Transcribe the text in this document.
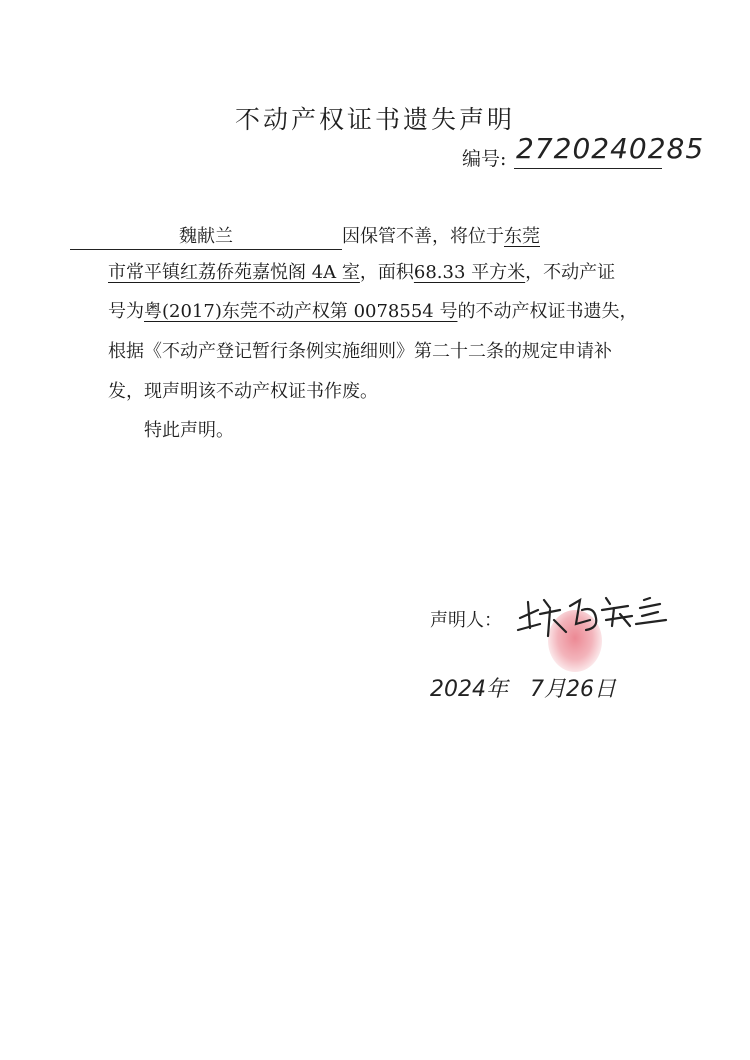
不动产权证书遗失声明
编号: 2720240285
魏献兰	因保管不善，将位于东莞
市常平镇红荔侨苑嘉悦阁 4A 室，面积68.33 平方米，不动产证
号为粤(2017)东莞不动产权第 0078554 号的不动产权证书遗失，
根据《不动产登记暂行条例实施细则》第二十二条的规定申请补
发，现声明该不动产权证书作废。
特此声明。
声明人：
2024年 7月26日
